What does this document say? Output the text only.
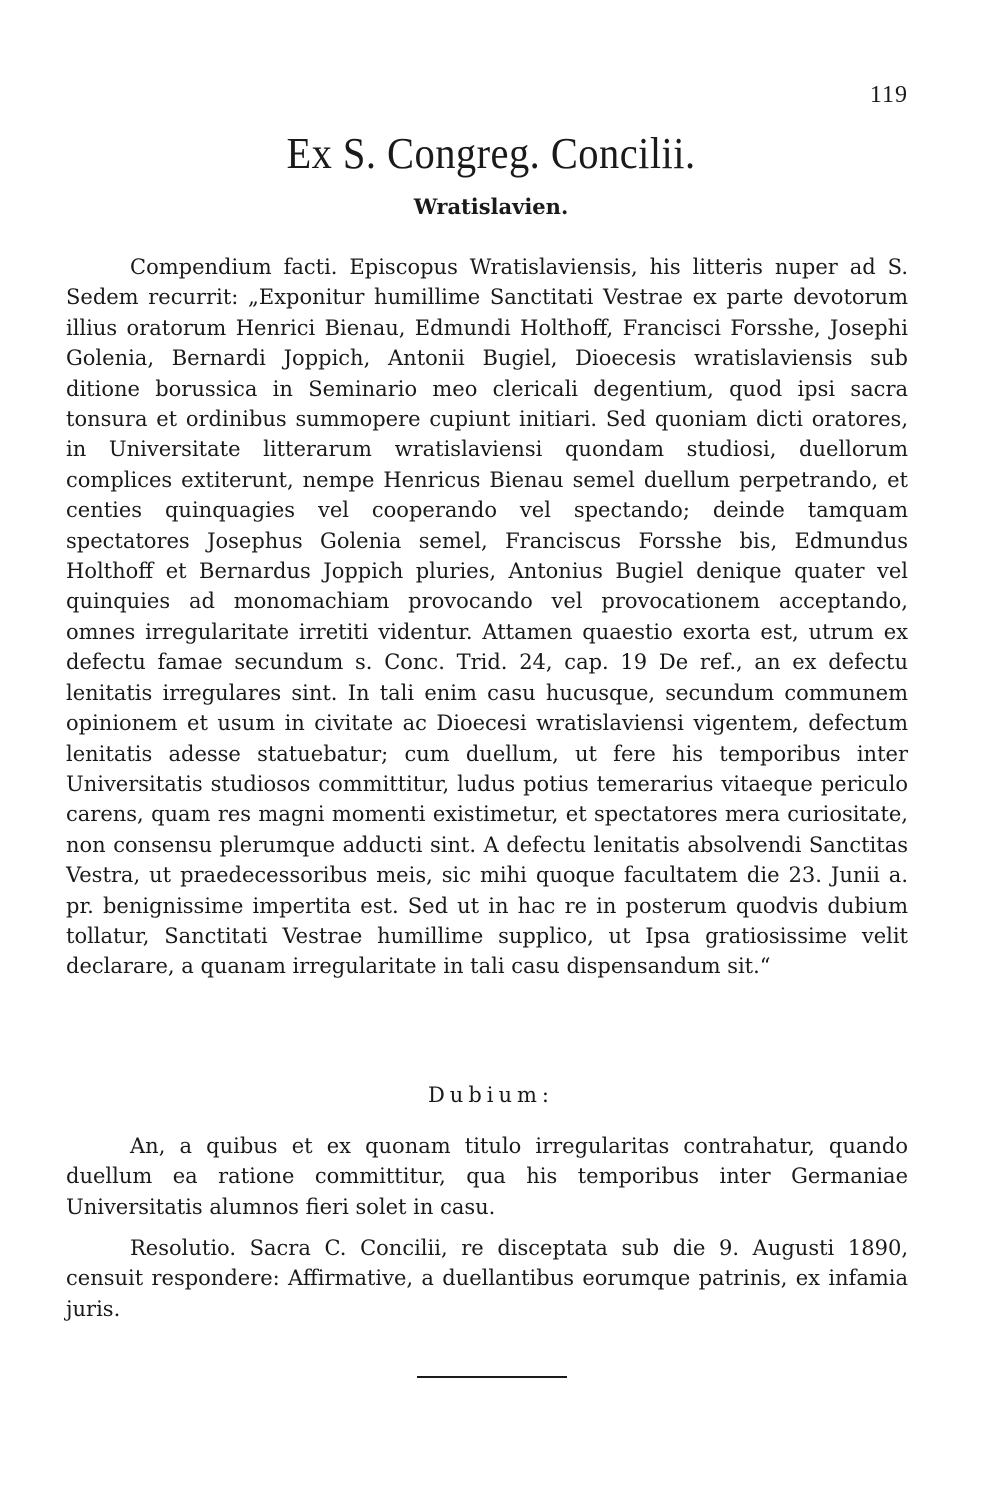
119
Ex S. Congreg. Concilii.
Wratislavien.

Compendium facti. Episcopus Wratislaviensis, his litteris nuper ad S. Sedem recurrit: „Exponitur humillime Sanctitati Vestrae ex parte devotorum illius oratorum Henrici Bienau, Edmundi Holthoff, Francisci Forsshe, Josephi Golenia, Bernardi Joppich, Antonii Bugiel, Dioecesis wratislaviensis sub ditione borussica in Seminario meo clericali degentium, quod ipsi sacra tonsura et ordinibus summopere cupiunt initiari. Sed quoniam dicti oratores, in Universitate litterarum wratislaviensi quondam studiosi, duellorum complices extiterunt, nempe Henricus Bienau semel duellum perpetrando, et centies quinquagies vel cooperando vel spectando; deinde tamquam spectatores Josephus Golenia semel, Franciscus Forsshe bis, Edmundus Holthoff et Bernardus Joppich pluries, Antonius Bugiel denique quater vel quinquies ad monomachiam provocando vel provocationem acceptando, omnes irregularitate irretiti videntur. Attamen quaestio exorta est, utrum ex defectu famae secundum s. Conc. Trid. 24, cap. 19 De ref., an ex defectu lenitatis irregulares sint. In tali enim casu hucusque, secundum communem opinionem et usum in civitate ac Dioecesi wratislaviensi vigentem, defectum lenitatis adesse statuebatur; cum duellum, ut fere his temporibus inter Universitatis studiosos committitur, ludus potius temerarius vitaeque periculo carens, quam res magni momenti existimetur, et spectatores mera curiositate, non consensu plerumque adducti sint. A defectu lenitatis absolvendi Sanctitas Vestra, ut praedecessoribus meis, sic mihi quoque facultatem die 23. Junii a. pr. benignissime impertita est. Sed ut in hac re in posterum quodvis dubium tollatur, Sanctitati Vestrae humillime supplico, ut Ipsa gratiosissime velit declarare, a quanam irregularitate in tali casu dispensandum sit.“

Dubium:

An, a quibus et ex quonam titulo irregularitas contrahatur, quando duellum ea ratione committitur, qua his temporibus inter Germaniae Universitatis alumnos fieri solet in casu.

Resolutio. Sacra C. Concilii, re disceptata sub die 9. Augusti 1890, censuit respondere: Affirmative, a duellantibus eorumque patrinis, ex infamia juris.
